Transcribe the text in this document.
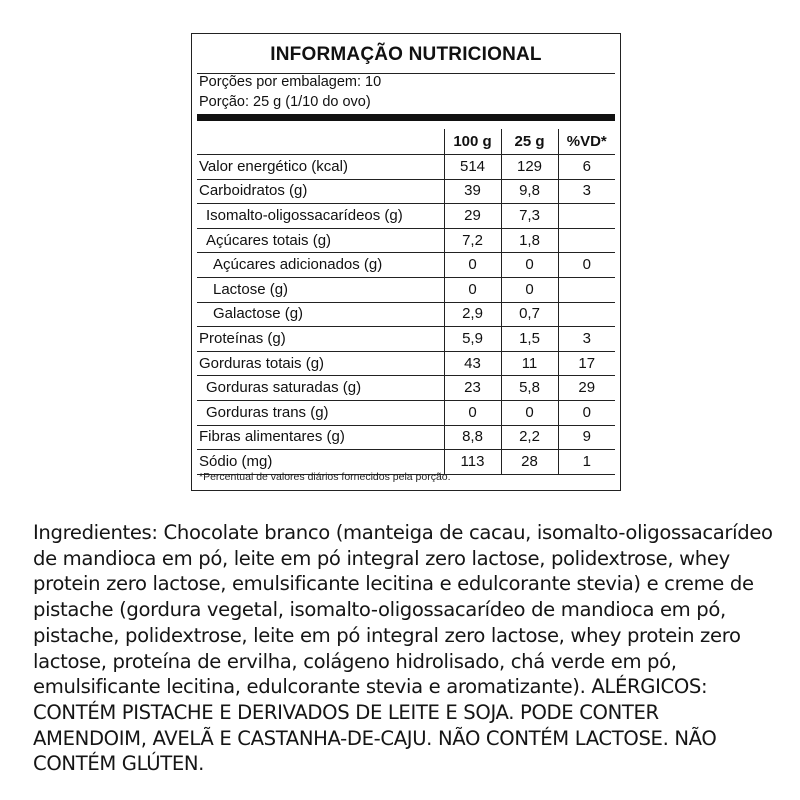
INFORMAÇÃO NUTRICIONAL
Porções por embalagem: 10
Porção: 25 g (1/10 do ovo)
	100 g	25 g	%VD*
Valor energético (kcal)	514	129	6
Carboidratos (g)	39	9,8	3
Isomalto-oligossacarídeos (g)	29	7,3	
Açúcares totais (g)	7,2	1,8	
Açúcares adicionados (g)	0	0	0
Lactose (g)	0	0	
Galactose (g)	2,9	0,7	
Proteínas (g)	5,9	1,5	3
Gorduras totais (g)	43	11	17
Gorduras saturadas (g)	23	5,8	29
Gorduras trans (g)	0	0	0
Fibras alimentares (g)	8,8	2,2	9
Sódio (mg)	113	28	1
*Percentual de valores diários fornecidos pela porção.
Ingredientes: Chocolate branco (manteiga de cacau, isomalto-oligossacarídeo de mandioca em pó, leite em pó integral zero lactose, polidextrose, whey protein zero lactose, emulsificante lecitina e edulcorante stevia) e creme de pistache (gordura vegetal, isomalto-oligossacarídeo de mandioca em pó, pistache, polidextrose, leite em pó integral zero lactose, whey protein zero lactose, proteína de ervilha, colágeno hidrolisado, chá verde em pó, emulsificante lecitina, edulcorante stevia e aromatizante). ALÉRGICOS: CONTÉM PISTACHE E DERIVADOS DE LEITE E SOJA. PODE CONTER AMENDOIM, AVELÃ E CASTANHA-DE-CAJU. NÃO CONTÉM LACTOSE. NÃO CONTÉM GLÚTEN.
